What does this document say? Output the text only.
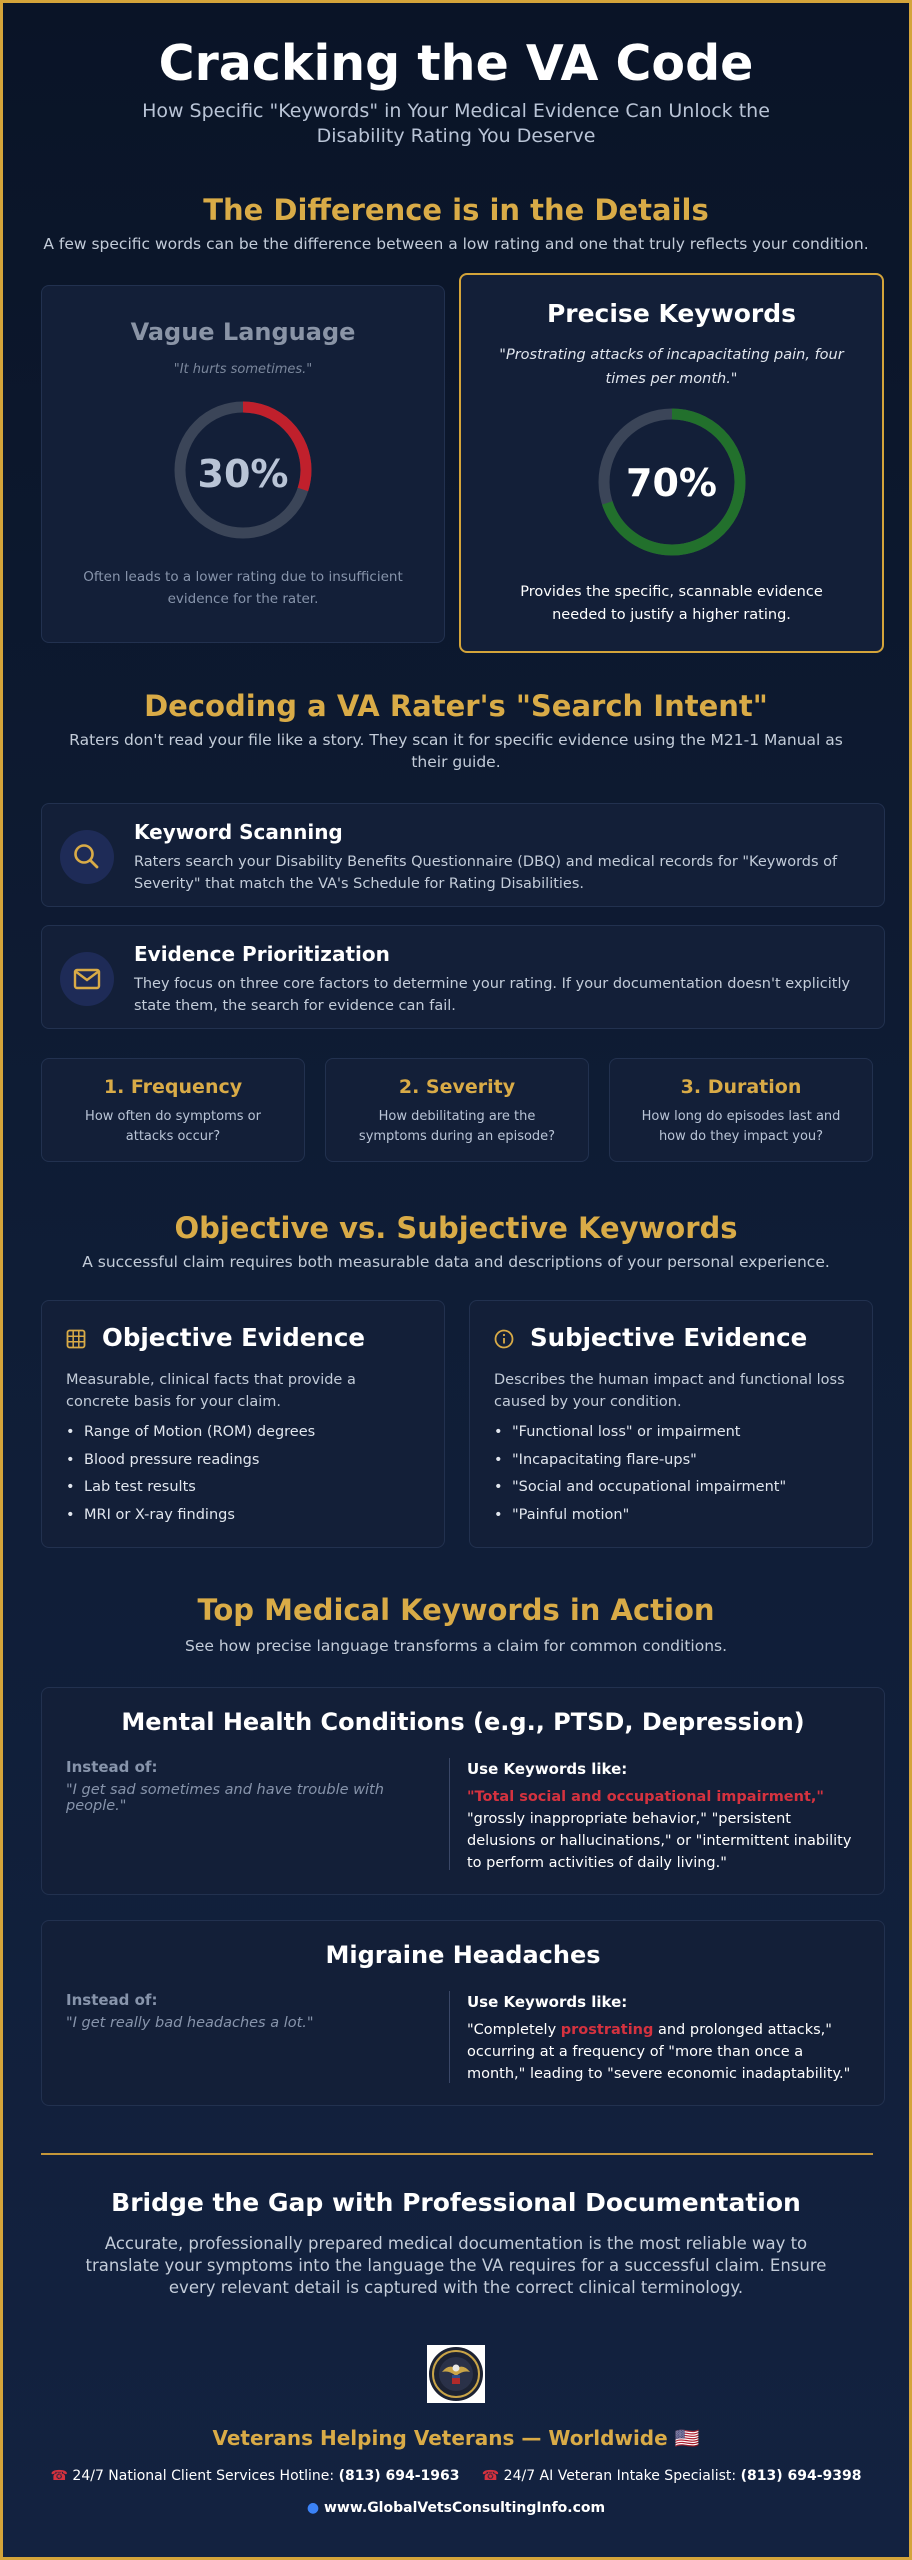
Cracking the VA Code
How Specific "Keywords" in Your Medical Evidence Can Unlock the Disability Rating You Deserve
The Difference is in the Details
A few specific words can be the difference between a low rating and one that truly reflects your condition.
Vague Language
"It hurts sometimes."
30%
Often leads to a lower rating due to insufficient evidence for the rater.
Precise Keywords
"Prostrating attacks of incapacitating pain, four times per month."
70%
Provides the specific, scannable evidence needed to justify a higher rating.
Decoding a VA Rater's "Search Intent"
Raters don't read your file like a story. They scan it for specific evidence using the M21-1 Manual as their guide.
Keyword Scanning
Raters search your Disability Benefits Questionnaire (DBQ) and medical records for "Keywords of Severity" that match the VA's Schedule for Rating Disabilities.
Evidence Prioritization
They focus on three core factors to determine your rating. If your documentation doesn't explicitly state them, the search for evidence can fail.
1. Frequency
How often do symptoms or attacks occur?
2. Severity
How debilitating are the symptoms during an episode?
3. Duration
How long do episodes last and how do they impact you?
Objective vs. Subjective Keywords
A successful claim requires both measurable data and descriptions of your personal experience.
Objective Evidence
Measurable, clinical facts that provide a concrete basis for your claim.
• Range of Motion (ROM) degrees
• Blood pressure readings
• Lab test results
• MRI or X-ray findings
Subjective Evidence
Describes the human impact and functional loss caused by your condition.
• "Functional loss" or impairment
• "Incapacitating flare-ups"
• "Social and occupational impairment"
• "Painful motion"
Top Medical Keywords in Action
See how precise language transforms a claim for common conditions.
Mental Health Conditions (e.g., PTSD, Depression)
Instead of:
"I get sad sometimes and have trouble with people."
Use Keywords like:
"Total social and occupational impairment," "grossly inappropriate behavior," "persistent delusions or hallucinations," or "intermittent inability to perform activities of daily living."
Migraine Headaches
Instead of:
"I get really bad headaches a lot."
Use Keywords like:
"Completely prostrating and prolonged attacks," occurring at a frequency of "more than once a month," leading to "severe economic inadaptability."
Bridge the Gap with Professional Documentation
Accurate, professionally prepared medical documentation is the most reliable way to translate your symptoms into the language the VA requires for a successful claim. Ensure every relevant detail is captured with the correct clinical terminology.
Veterans Helping Veterans — Worldwide 🇺🇸
☎ 24/7 National Client Services Hotline: (813) 694-1963 ☎ 24/7 AI Veteran Intake Specialist: (813) 694-9398
● www.GlobalVetsConsultingInfo.com
